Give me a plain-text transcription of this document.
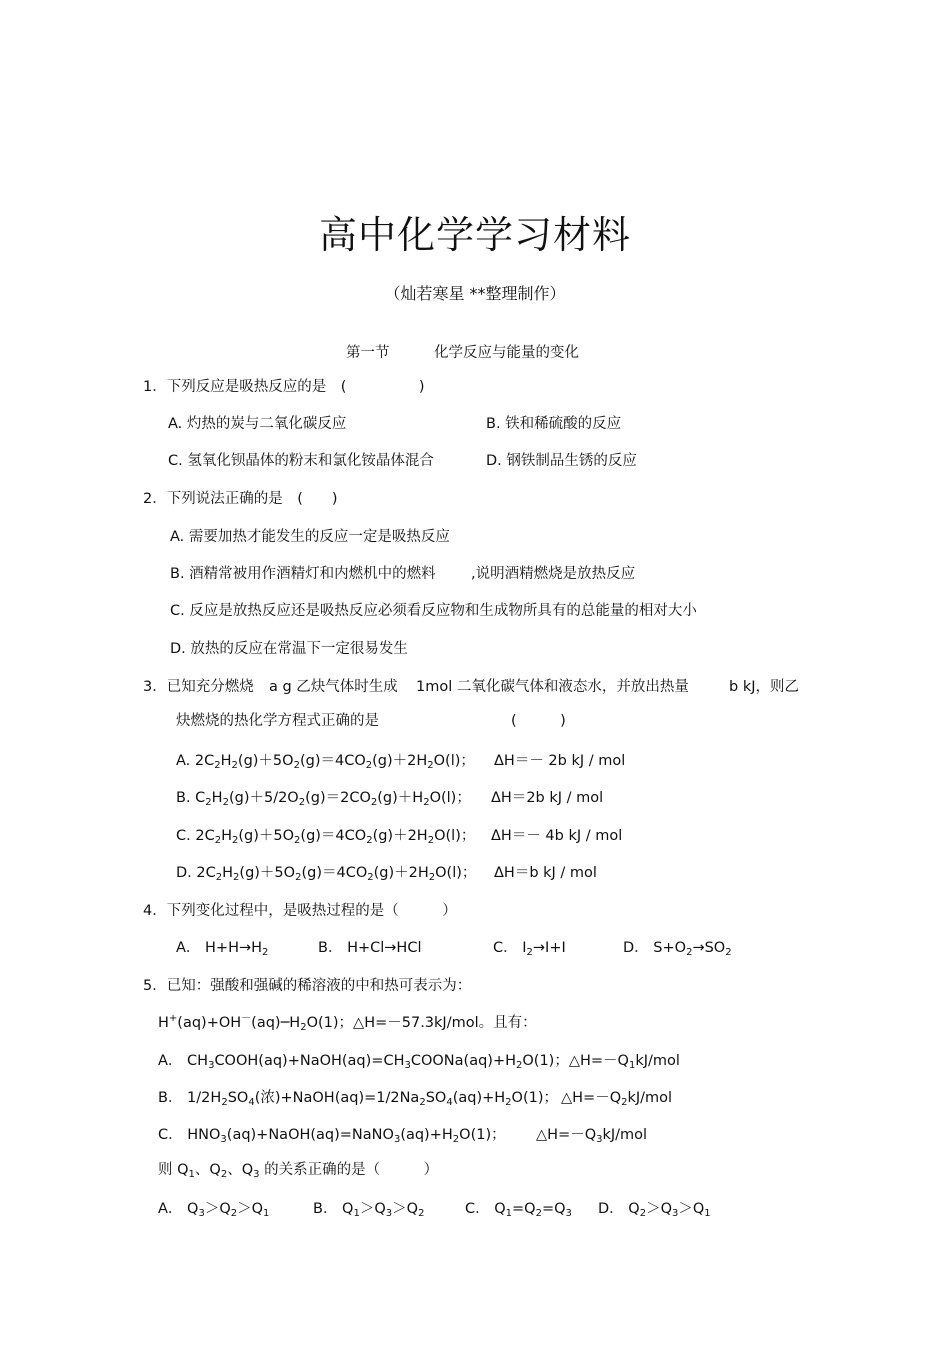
高中化学学习材料
（灿若寒星 **整理制作）
第一节	化学反应与能量的变化
1．下列反应是吸热反应的是　(　　　　　)
A. 灼热的炭与二氧化碳反应	B. 铁和稀硫酸的反应
C. 氢氧化钡晶体的粉末和氯化铵晶体混合	D. 钢铁制品生锈的反应
2．下列说法正确的是　(　　)
A. 需要加热才能发生的反应一定是吸热反应
B. 酒精常被用作酒精灯和内燃机中的燃料 ,说明酒精燃烧是放热反应
C. 反应是放热反应还是吸热反应必须看反应物和生成物所具有的总能量的相对大小
D. 放热的反应在常温下一定很易发生
3．已知充分燃烧 a g 乙炔气体时生成 1mol 二氧化碳气体和液态水，并放出热量	b kJ，则乙
炔燃烧的热化学方程式正确的是	(　　　)
A. $2C_2H_2(g)+5O_2(g)=4CO_2(g)+2H_2O(l)$； ΔH＝－ 2b kJ / mol
B. $C_2H_2(g)+5/2O_2(g)=2CO_2(g)+H_2O(l)$； ΔH＝2b kJ / mol
C. $2C_2H_2(g)+5O_2(g)=4CO_2(g)+2H_2O(l)$； ΔH＝－ 4b kJ / mol
D. $2C_2H_2(g)+5O_2(g)=4CO_2(g)+2H_2O(l)$； ΔH＝b kJ / mol
4．下列变化过程中，是吸热过程的是（　　　）
A． $H+H\to H_2$	B． H+Cl→HCl	C． $I_2\to I+I$	D． $S+O_2\to SO_2$
5．已知：强酸和强碱的稀溶液的中和热可表示为：
$H^+(aq)+OH^-(aq)─H_2O(1)$；△H=－57.3kJ/mol。且有：
A． $CH_3COOH(aq)+NaOH(aq)=CH_3COONa(aq)+H_2O(1)$；$\triangle H=-Q_1kJ$/mol
B． $1/2H_2SO_4$(浓)$+NaOH(aq)=1/2Na_2SO_4(aq)+H_2O(1)$； $\triangle H=-Q_2kJ$/mol
C． $HNO_3(aq)+NaOH(aq)=NaNO_3(aq)+H_2O(1)$； $\triangle H=-Q_3kJ$/mol
则 $Q_1$、$Q_2$、$Q_3$ 的关系正确的是（　　　）
A． $Q_3>Q_2>Q_1$	B． $Q_1>Q_3>Q_2$	C． $Q_1=Q_2=Q_3$ D． $Q_2>Q_3>Q_1$
